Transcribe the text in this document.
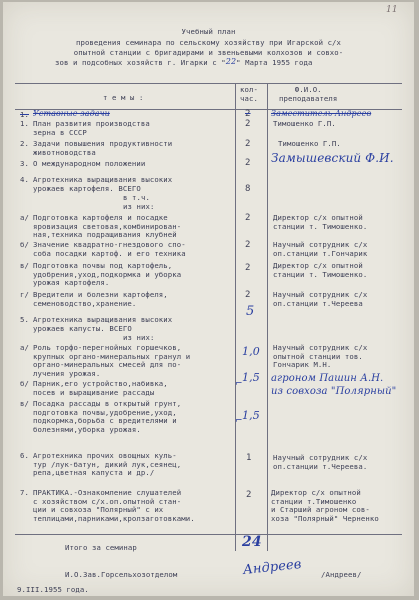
11
Учебный план
проведения семинара по сельскому хозяйству при Игарской с/х
опытной станции с бригадирами и звеньевыми колхозов и совхо-
зов и подсобных хозяйств г. Игарки с "22" Марта 1955 года
т е м ы :
кол-
час.
Ф.И.О.
преподавателя
1. Уставные задачи	2	Заместитель Андреев
1. План развития производства
зерна в СССР
2	Тимошенко Г.П.
2. Задачи повышения продуктивности
животноводства
2	Тимошенко Г.П.
3. О международном положении	2 Замышевский Ф.И.
4. Агротехника выращивания высоких
урожаев картофеля. ВСЕГО	8
в т.ч.
из них:
а/ Подготовка картофеля и посадке
яровизация световая,комбинирован-
ная,техника подращивания клубней
2	Директор с/х опытной
станции т. Тимошенко.
б/ Значение квадратно-гнездового спо-
соба посадки картоф. и его техника
2	Научный сотрудник с/х
оп.станции т.Гончарик
в/ Подготовка почвы под картофель,
удобрения,уход,подкормка и уборка
урожая картофеля.
2	Директор с/х опытной
станции т. Тимошенко.
г/ Вредители и болезни картофеля,
семеноводство,хранение.
2	Научный сотрудник с/х
оп.станции т.Череева
5. Агротехника выращивания высоких
урожаев капусты. ВСЕГО
5
из них:
а/ Роль торфо-перегнойных горшечков,
крупных органо-минеральных гранул и
органо-минеральных смесей для по-
лучения урожая.
1,0 Научный сотрудник с/х
опытной станции тов.
Гончарик М.Н.
б/ Парник,его устройство,набивка,
посев и выращивание рассады
1,5 агроном Пашин А.Н.
из совхоза "Полярный"
в/ Посадка рассады в открытый грунт,
подготовка почвы,удобрение,уход,
подкормка,борьба с вредителями и
болезнями,уборка урожая.
1,5
⌐
⌐
6. Агротехника прочих овощных куль-
тур /лук-батун, дикий лук,сеянец,
репа,цветная капуста и др./
1	Научный сотрудник с/х
оп.станции т.Череева.
7. ПРАКТИКА.-Ознакомление слушателей
с хозяйством с/х.оп.опытной стан-
ции и совхоза "Полярный" с их
теплицами,парниками,кролзаготовками.
2	Директор с/х опытной
станции т.Тимошенко
и Старший агроном сов-
хоза "Полярный" Черненко
Итого за семинар	24
И.О.Зав.Горсельхозотделом	Андреев	/Андреев/
9.III.1955 года.
